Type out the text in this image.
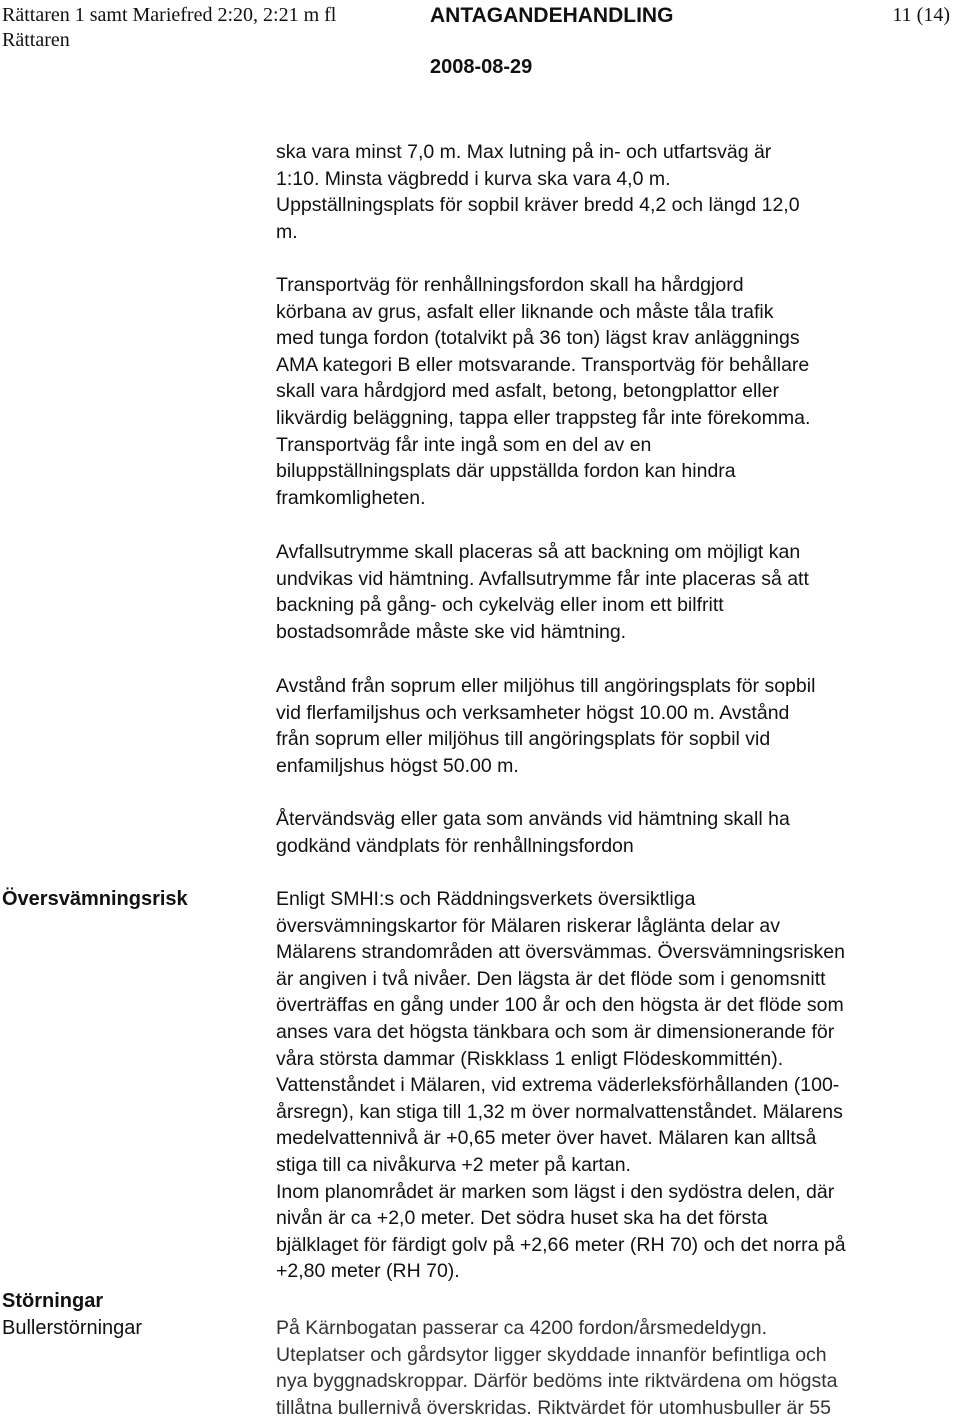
Rättaren 1 samt Mariefred 2:20, 2:21 m fl
Rättaren
ANTAGANDEHANDLING	11 (14)
2008-08-29
ska vara minst 7,0 m. Max lutning på in- och utfartsväg är
1:10. Minsta vägbredd i kurva ska vara 4,0 m.
Uppställningsplats för sopbil kräver bredd 4,2 och längd 12,0
m.
Transportväg för renhållningsfordon skall ha hårdgjord
körbana av grus, asfalt eller liknande och måste tåla trafik
med tunga fordon (totalvikt på 36 ton) lägst krav anläggnings
AMA kategori B eller motsvarande. Transportväg för behållare
skall vara hårdgjord med asfalt, betong, betongplattor eller
likvärdig beläggning, tappa eller trappsteg får inte förekomma.
Transportväg får inte ingå som en del av en
biluppställningsplats där uppställda fordon kan hindra
framkomligheten.
Avfallsutrymme skall placeras så att backning om möjligt kan
undvikas vid hämtning. Avfallsutrymme får inte placeras så att
backning på gång- och cykelväg eller inom ett bilfritt
bostadsområde måste ske vid hämtning.
Avstånd från soprum eller miljöhus till angöringsplats för sopbil
vid flerfamiljshus och verksamheter högst 10.00 m. Avstånd
från soprum eller miljöhus till angöringsplats för sopbil vid
enfamiljshus högst 50.00 m.
Återvändsväg eller gata som används vid hämtning skall ha
godkänd vändplats för renhållningsfordon
Översvämningsrisk	Enligt SMHI:s och Räddningsverkets översiktliga
översvämningskartor för Mälaren riskerar låglänta delar av
Mälarens strandområden att översvämmas. Översvämningsrisken
är angiven i två nivåer. Den lägsta är det flöde som i genomsnitt
överträffas en gång under 100 år och den högsta är det flöde som
anses vara det högsta tänkbara och som är dimensionerande för
våra största dammar (Riskklass 1 enligt Flödeskommittén).
Vattenståndet i Mälaren, vid extrema väderleksförhållanden (100-
årsregn), kan stiga till 1,32 m över normalvattenståndet. Mälarens
medelvattennivå är +0,65 meter över havet. Mälaren kan alltså
stiga till ca nivåkurva +2 meter på kartan.
Inom planområdet är marken som lägst i den sydöstra delen, där
nivån är ca +2,0 meter. Det södra huset ska ha det första
bjälklaget för färdigt golv på +2,66 meter (RH 70) och det norra på
+2,80 meter (RH 70).
Störningar
Bullerstörningar	På Kärnbogatan passerar ca 4200 fordon/årsmedeldygn.
Uteplatser och gårdsytor ligger skyddade innanför befintliga och
nya byggnadskroppar. Därför bedöms inte riktvärdena om högsta
tillåtna bullernivå överskridas. Riktvärdet för utomhusbuller är 55
